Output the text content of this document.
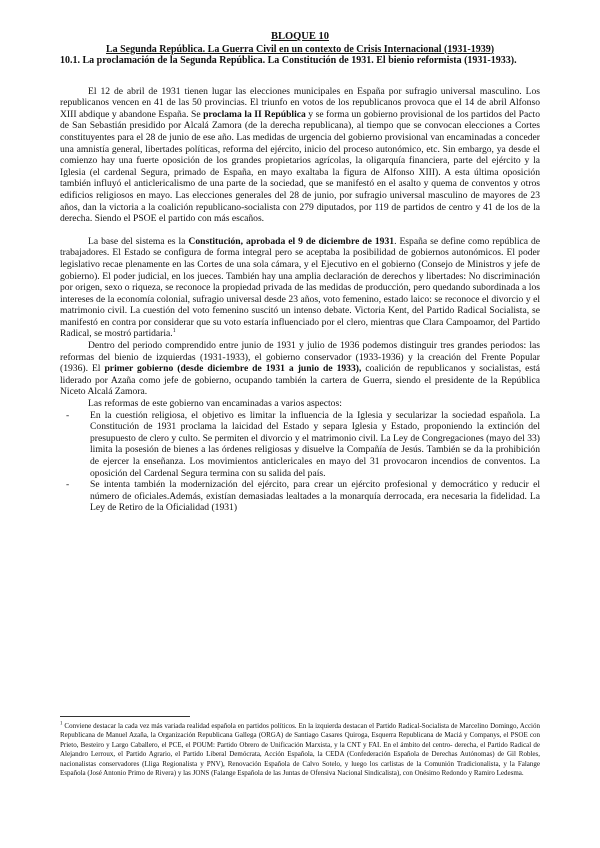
BLOQUE 10
La Segunda República. La Guerra Civil en un contexto de Crisis Internacional (1931-1939)
10.1. La proclamación de la Segunda República. La Constitución de 1931. El bienio reformista (1931-1933).

El 12 de abril de 1931 tienen lugar las elecciones municipales en España por sufragio universal masculino. Los republicanos vencen en 41 de las 50 provincias. El triunfo en votos de los republicanos provoca que el 14 de abril Alfonso XIII abdique y abandone España. Se proclama la II República y se forma un gobierno provisional de los partidos del Pacto de San Sebastián presidido por Alcalá Zamora (de la derecha republicana), al tiempo que se convocan elecciones a Cortes constituyentes para el 28 de junio de ese año. Las medidas de urgencia del gobierno provisional van encaminadas a conceder una amnistía general, libertades políticas, reforma del ejército, inicio del proceso autonómico, etc. Sin embargo, ya desde el comienzo hay una fuerte oposición de los grandes propietarios agrícolas, la oligarquía financiera, parte del ejército y la Iglesia (el cardenal Segura, primado de España, en mayo exaltaba la figura de Alfonso XIII). A esta última oposición también influyó el anticlericalismo de una parte de la sociedad, que se manifestó en el asalto y quema de conventos y otros edificios religiosos en mayo. Las elecciones generales del 28 de junio, por sufragio universal masculino de mayores de 23 años, dan la victoria a la coalición republicano-socialista con 279 diputados, por 119 de partidos de centro y 41 de los de la derecha. Siendo el PSOE el partido con más escaños.

La base del sistema es la Constitución, aprobada el 9 de diciembre de 1931. España se define como república de trabajadores. El Estado se configura de forma integral pero se aceptaba la posibilidad de gobiernos autonómicos. El poder legislativo recae plenamente en las Cortes de una sola cámara, y el Ejecutivo en el gobierno (Consejo de Ministros y jefe de gobierno). El poder judicial, en los jueces. También hay una amplia declaración de derechos y libertades: No discriminación por origen, sexo o riqueza, se reconoce la propiedad privada de las medidas de producción, pero quedando subordinada a los intereses de la economía colonial, sufragio universal desde 23 años, voto femenino, estado laico: se reconoce el divorcio y el matrimonio civil. La cuestión del voto femenino suscitó un intenso debate. Victoria Kent, del Partido Radical Socialista, se manifestó en contra por considerar que su voto estaría influenciado por el clero, mientras que Clara Campoamor, del Partido Radical, se mostró partidaria.$^1$

Dentro del periodo comprendido entre junio de 1931 y julio de 1936 podemos distinguir tres grandes periodos: las reformas del bienio de izquierdas (1931-1933), el gobierno conservador (1933-1936) y la creación del Frente Popular (1936). El primer gobierno (desde diciembre de 1931 a junio de 1933), coalición de republicanos y socialistas, está liderado por Azaña como jefe de gobierno, ocupando también la cartera de Guerra, siendo el presidente de la República Niceto Alcalá Zamora.

Las reformas de este gobierno van encaminadas a varios aspectos:

- En la cuestión religiosa, el objetivo es limitar la influencia de la Iglesia y secularizar la sociedad española. La Constitución de 1931 proclama la laicidad del Estado y separa Iglesia y Estado, proponiendo la extinción del presupuesto de clero y culto. Se permiten el divorcio y el matrimonio civil. La Ley de Congregaciones (mayo del 33) limita la posesión de bienes a las órdenes religiosas y disuelve la Compañía de Jesús. También se da la prohibición de ejercer la enseñanza. Los movimientos anticlericales en mayo del 31 provocaron incendios de conventos. La oposición del Cardenal Segura termina con su salida del país.
- Se intenta también la modernización del ejército, para crear un ejército profesional y democrático y reducir el número de oficiales.Además, existían demasiadas lealtades a la monarquía derrocada, era necesaria la fidelidad. La Ley de Retiro de la Oficialidad (1931)
$^1$ Conviene destacar la cada vez más variada realidad española en partidos políticos. En la izquierda destacan el Partido Radical-Socialista de Marcelino Domingo, Acción Republicana de Manuel Azaña, la Organización Republicana Gallega (ORGA) de Santiago Casares Quiroga, Esquerra Republicana de Maciá y Companys, el PSOE con Prieto, Besteiro y Largo Caballero, el PCE, el POUM: Partido Obrero de Unificación Marxista, y la CNT y FAI. En el ámbito del centro- derecha, el Partido Radical de Alejandro Lerroux, el Partido Agrario, el Partido Liberal Demócrata, Acción Española, la CEDA (Confederación Española de Derechas Autónomas) de Gil Robles, nacionalistas conservadores (Lliga Regionalista y PNV), Renovación Española de Calvo Sotelo, y luego los carlistas de la Comunión Tradicionalista, y la Falange Española (José Antonio Primo de Rivera) y las JONS (Falange Española de las Juntas de Ofensiva Nacional Sindicalista), con Onésimo Redondo y Ramiro Ledesma.
